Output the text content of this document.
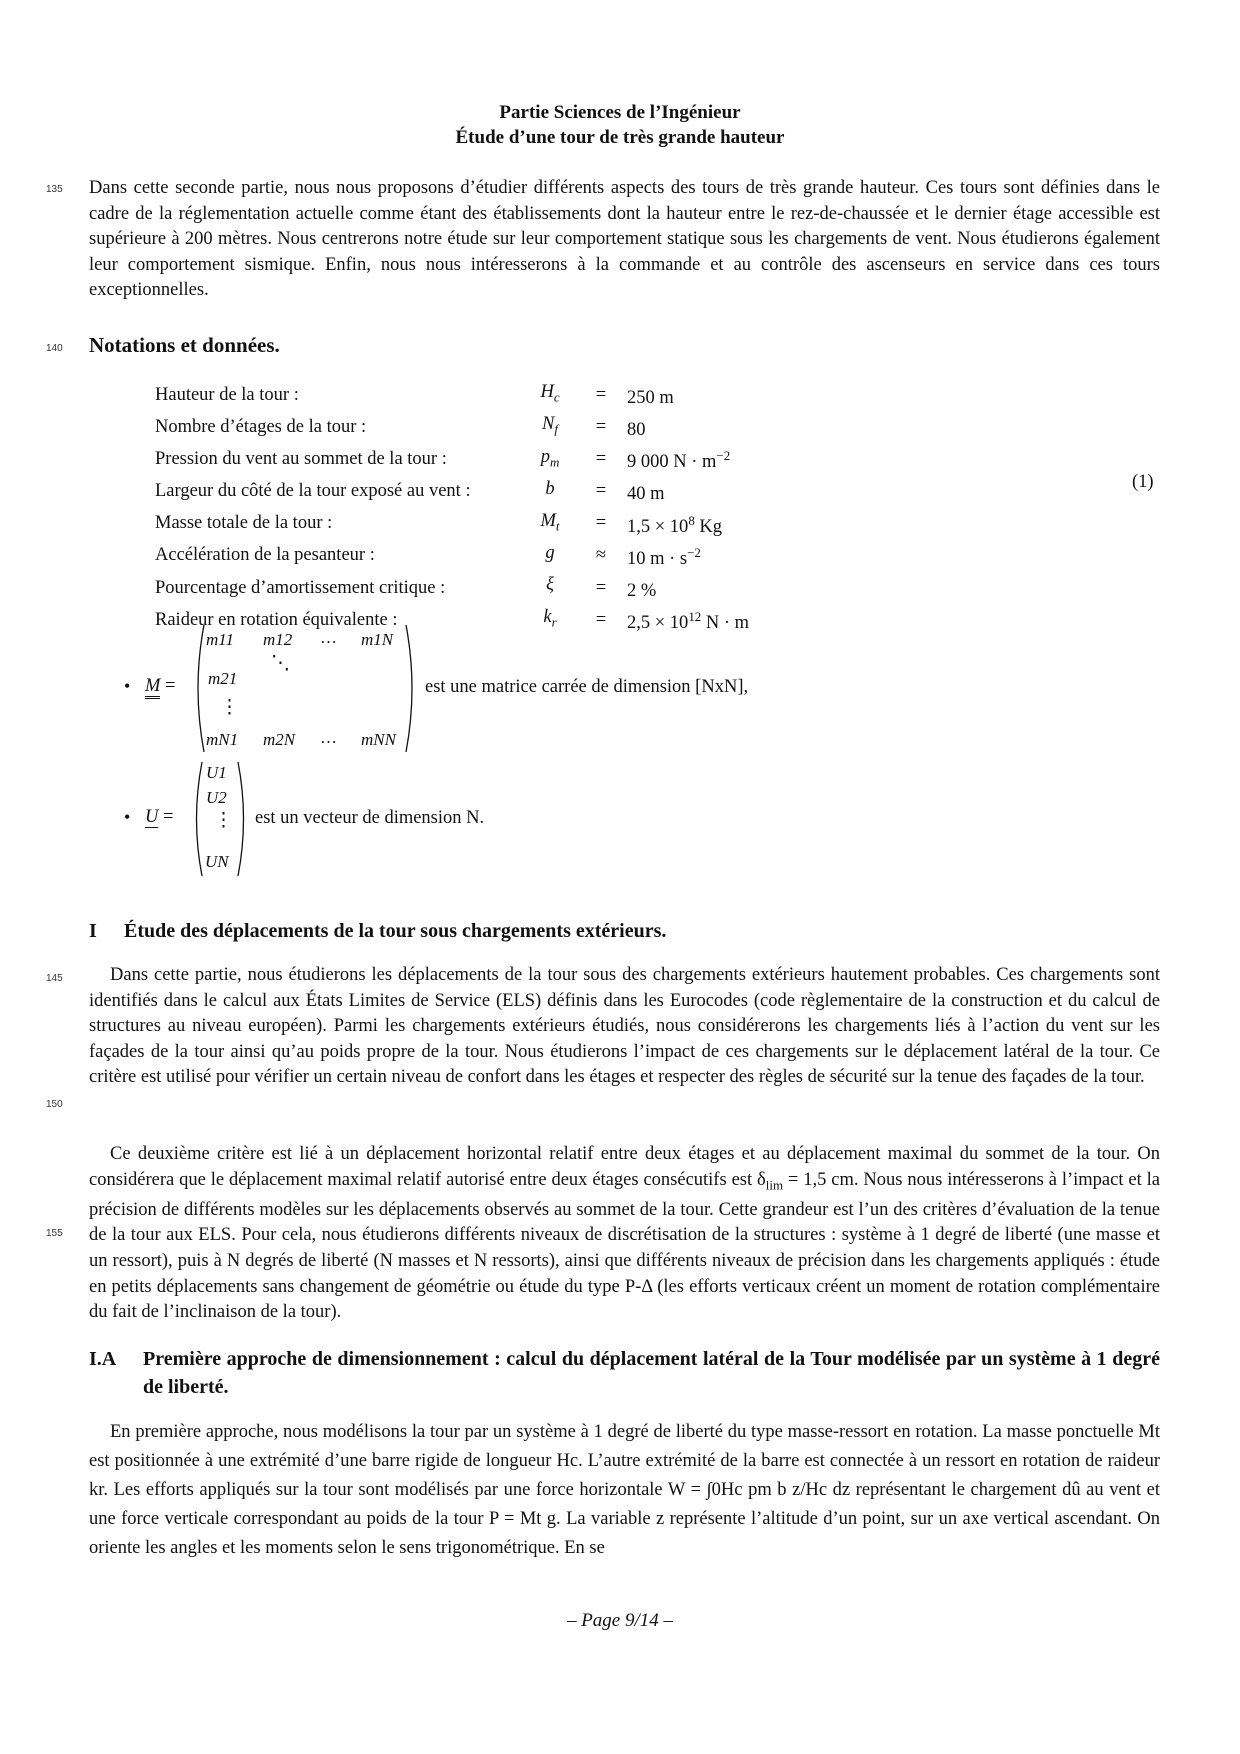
Partie Sciences de l’Ingénieur
Étude d’une tour de très grande hauteur
135
140
145
150
155

Dans cette seconde partie, nous nous proposons d’étudier différents aspects des tours de très grande hauteur. Ces tours sont définies dans le cadre de la réglementation actuelle comme étant des établissements dont la hauteur entre le rez-de-chaussée et le dernier étage accessible est supérieure à 200 mètres. Nous centrerons notre étude sur leur comportement statique sous les chargements de vent. Nous étudierons également leur comportement sismique. Enfin, nous nous intéresserons à la commande et au contrôle des ascenseurs en service dans ces tours exceptionnelles.

Notations et données.
Hauteur de la tour :	$H_c$	=	250 m
Nombre d’étages de la tour :	$N_f$	=	80
Pression du vent au sommet de la tour :	$p_m$	=	9 000 $N \cdot m^{-2}$
Largeur du côté de la tour exposé au vent :	b	=	40 m
Masse totale de la tour :	$M_t$	=	$1,5 \times 10^8$ Kg
Accélération de la pesanteur :	g	≈	10 $m \cdot s^{-2}$
Pourcentage d’amortissement critique :	ξ	=	2 %
Raideur en rotation équivalente :	$k_r$	=	$2,5 \times 10^{12}$ N · m
(1)
• M =
m11 m12 … m1N
m21
⋱
⋮
mN1 m2N … mNN
est une matrice carrée de dimension [NxN],
• U =
U1
U2
⋮
UN
est un vecteur de dimension N.
I Étude des déplacements de la tour sous chargements extérieurs.

Dans cette partie, nous étudierons les déplacements de la tour sous des chargements extérieurs hautement probables. Ces chargements sont identifiés dans le calcul aux États Limites de Service (ELS) définis dans les Eurocodes (code règlementaire de la construction et du calcul de structures au niveau européen). Parmi les chargements extérieurs étudiés, nous considérerons les chargements liés à l’action du vent sur les façades de la tour ainsi qu’au poids propre de la tour. Nous étudierons l’impact de ces chargements sur le déplacement latéral de la tour. Ce critère est utilisé pour vérifier un certain niveau de confort dans les étages et respecter des règles de sécurité sur la tenue des façades de la tour.

Ce deuxième critère est lié à un déplacement horizontal relatif entre deux étages et au déplacement maximal du sommet de la tour. On considérera que le déplacement maximal relatif autorisé entre deux étages consécutifs est $\delta_{lim} = 1,5$ cm. Nous nous intéresserons à l’impact et la précision de différents modèles sur les déplacements observés au sommet de la tour. Cette grandeur est l’un des critères d’évaluation de la tenue de la tour aux ELS. Pour cela, nous étudierons différents niveaux de discrétisation de la structures : système à 1 degré de liberté (une masse et un ressort), puis à N degrés de liberté (N masses et N ressorts), ainsi que différents niveaux de précision dans les chargements appliqués : étude en petits déplacements sans changement de géométrie ou étude du type P-Δ (les efforts verticaux créent un moment de rotation complémentaire du fait de l’inclinaison de la tour).

I.A Première approche de dimensionnement : calcul du déplacement latéral de la Tour modélisée par un système à 1 degré de liberté.

En première approche, nous modélisons la tour par un système à 1 degré de liberté du type masse-ressort en rotation. La masse ponctuelle Mt est positionnée à une extrémité d’une barre rigide de longueur Hc. L’autre extrémité de la barre est connectée à un ressort en rotation de raideur kr. Les efforts appliqués sur la tour sont modélisés par une force horizontale W = ∫0Hc pm b z/Hc dz représentant le chargement dû au vent et une force verticale correspondant au poids de la tour P = Mt g. La variable z représente l’altitude d’un point, sur un axe vertical ascendant. On oriente les angles et les moments selon le sens trigonométrique. En se

– Page 9/14 –
